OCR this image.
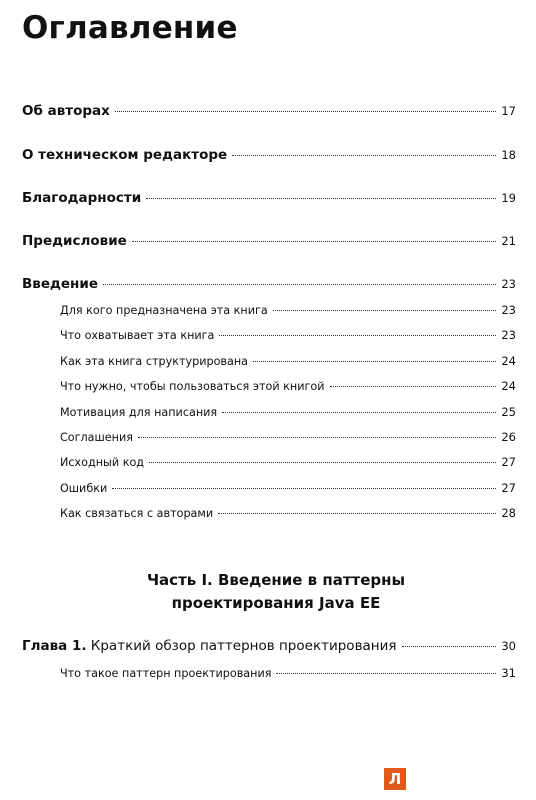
Оглавление
Об авторах	17
О техническом редакторе	18
Благодарности	19
Предисловие	21
Введение	23
Для кого предназначена эта книга	23
Что охватывает эта книга	23
Как эта книга структурирована	24
Что нужно, чтобы пользоваться этой книгой	24
Мотивация для написания	25
Соглашения	26
Исходный код	27
Ошибки	27
Как связаться с авторами	28
Часть I. Введение в паттерны
проектирования Java EE
Глава 1. Краткий обзор паттернов проектирования	30
Что такое паттерн проектирования	31
Л
